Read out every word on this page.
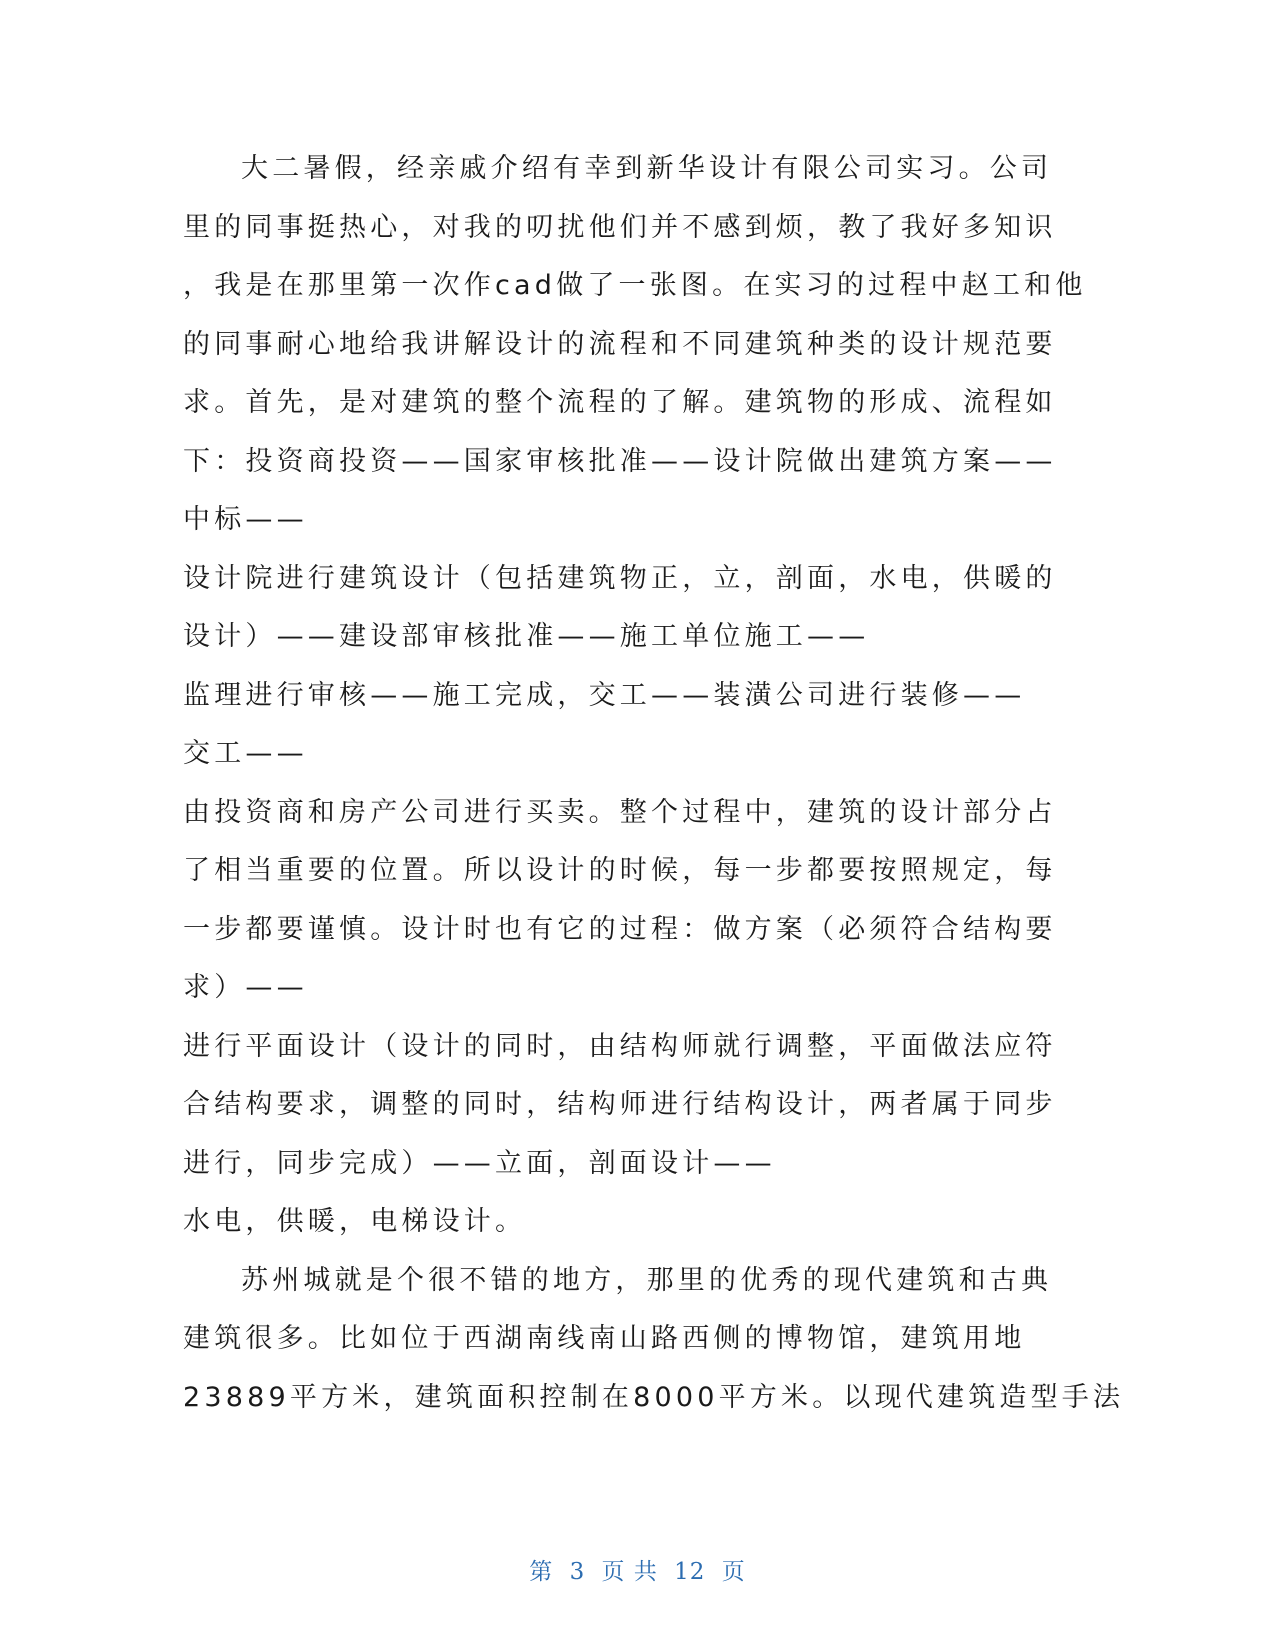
大二暑假，经亲戚介绍有幸到新华设计有限公司实习。公司
里的同事挺热心，对我的叨扰他们并不感到烦，教了我好多知识
，我是在那里第一次作cad做了一张图。在实习的过程中赵工和他
的同事耐心地给我讲解设计的流程和不同建筑种类的设计规范要
求。首先，是对建筑的整个流程的了解。建筑物的形成、流程如
下：投资商投资——国家审核批准——设计院做出建筑方案——
中标——
设计院进行建筑设计（包括建筑物正，立，剖面，水电，供暖的
设计）——建设部审核批准——施工单位施工——
监理进行审核——施工完成，交工——装潢公司进行装修——
交工——
由投资商和房产公司进行买卖。整个过程中，建筑的设计部分占
了相当重要的位置。所以设计的时候，每一步都要按照规定，每
一步都要谨慎。设计时也有它的过程：做方案（必须符合结构要
求）——
进行平面设计（设计的同时，由结构师就行调整，平面做法应符
合结构要求，调整的同时，结构师进行结构设计，两者属于同步
进行，同步完成）——立面，剖面设计——
水电，供暖，电梯设计。
苏州城就是个很不错的地方，那里的优秀的现代建筑和古典
建筑很多。比如位于西湖南线南山路西侧的博物馆，建筑用地
23889平方米，建筑面积控制在8000平方米。以现代建筑造型手法
第 3 页 共 12 页
